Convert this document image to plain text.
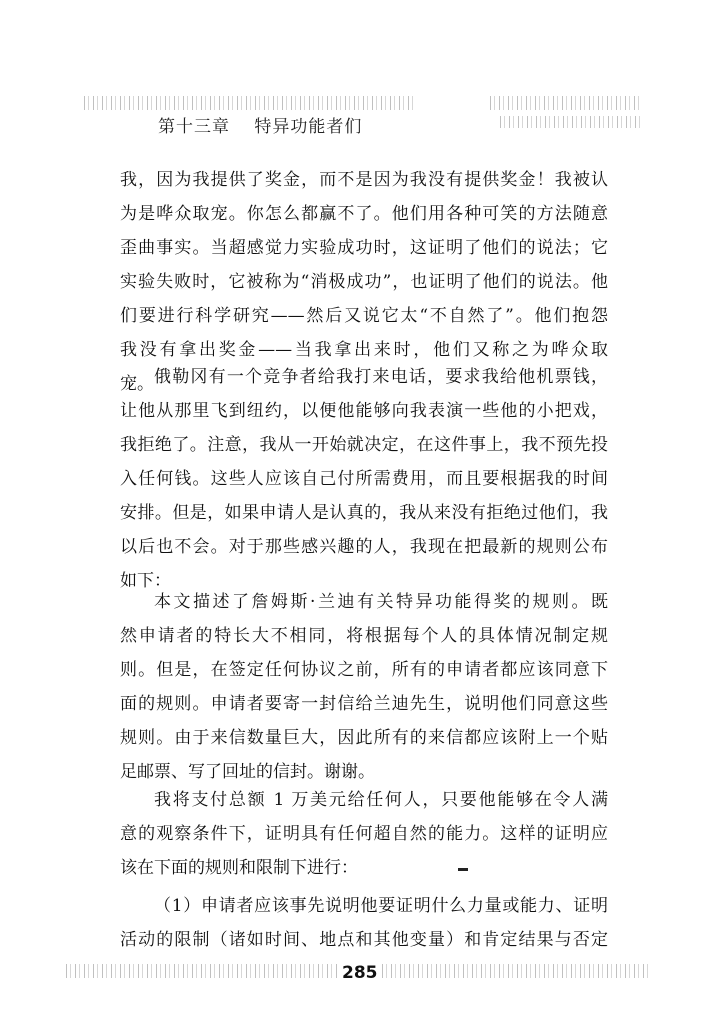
第十三章 特异功能者们
我，因为我提供了奖金，而不是因为我没有提供奖金！我被认
为是哗众取宠。你怎么都赢不了。他们用各种可笑的方法随意
歪曲事实。当超感觉力实验成功时，这证明了他们的说法；它
实验失败时，它被称为“消极成功”，也证明了他们的说法。他
们要进行科学研究——然后又说它太“不自然了”。他们抱怨
我没有拿出奖金——当我拿出来时，他们又称之为哗众取
宠。 俄勒冈有一个竞争者给我打来电话，要求我给他机票钱，
让他从那里飞到纽约，以便他能够向我表演一些他的小把戏，
我拒绝了。注意，我从一开始就决定，在这件事上，我不预先投
入任何钱。这些人应该自己付所需费用，而且要根据我的时间
安排。但是，如果申请人是认真的，我从来没有拒绝过他们，我
以后也不会。对于那些感兴趣的人，我现在把最新的规则公布
如下：
本文描述了詹姆斯·兰迪有关特异功能得奖的规则。既
然申请者的特长大不相同，将根据每个人的具体情况制定规
则。但是，在签定任何协议之前，所有的申请者都应该同意下
面的规则。申请者要寄一封信给兰迪先生，说明他们同意这些
规则。由于来信数量巨大，因此所有的来信都应该附上一个贴
足邮票、写了回址的信封。谢谢。
我将支付总额 1 万美元给任何人，只要他能够在令人满
意的观察条件下，证明具有任何超自然的能力。这样的证明应
该在下面的规则和限制下进行：
（1）申请者应该事先说明他要证明什么力量或能力、证明
活动的限制（诸如时间、地点和其他变量）和肯定结果与否定
285
